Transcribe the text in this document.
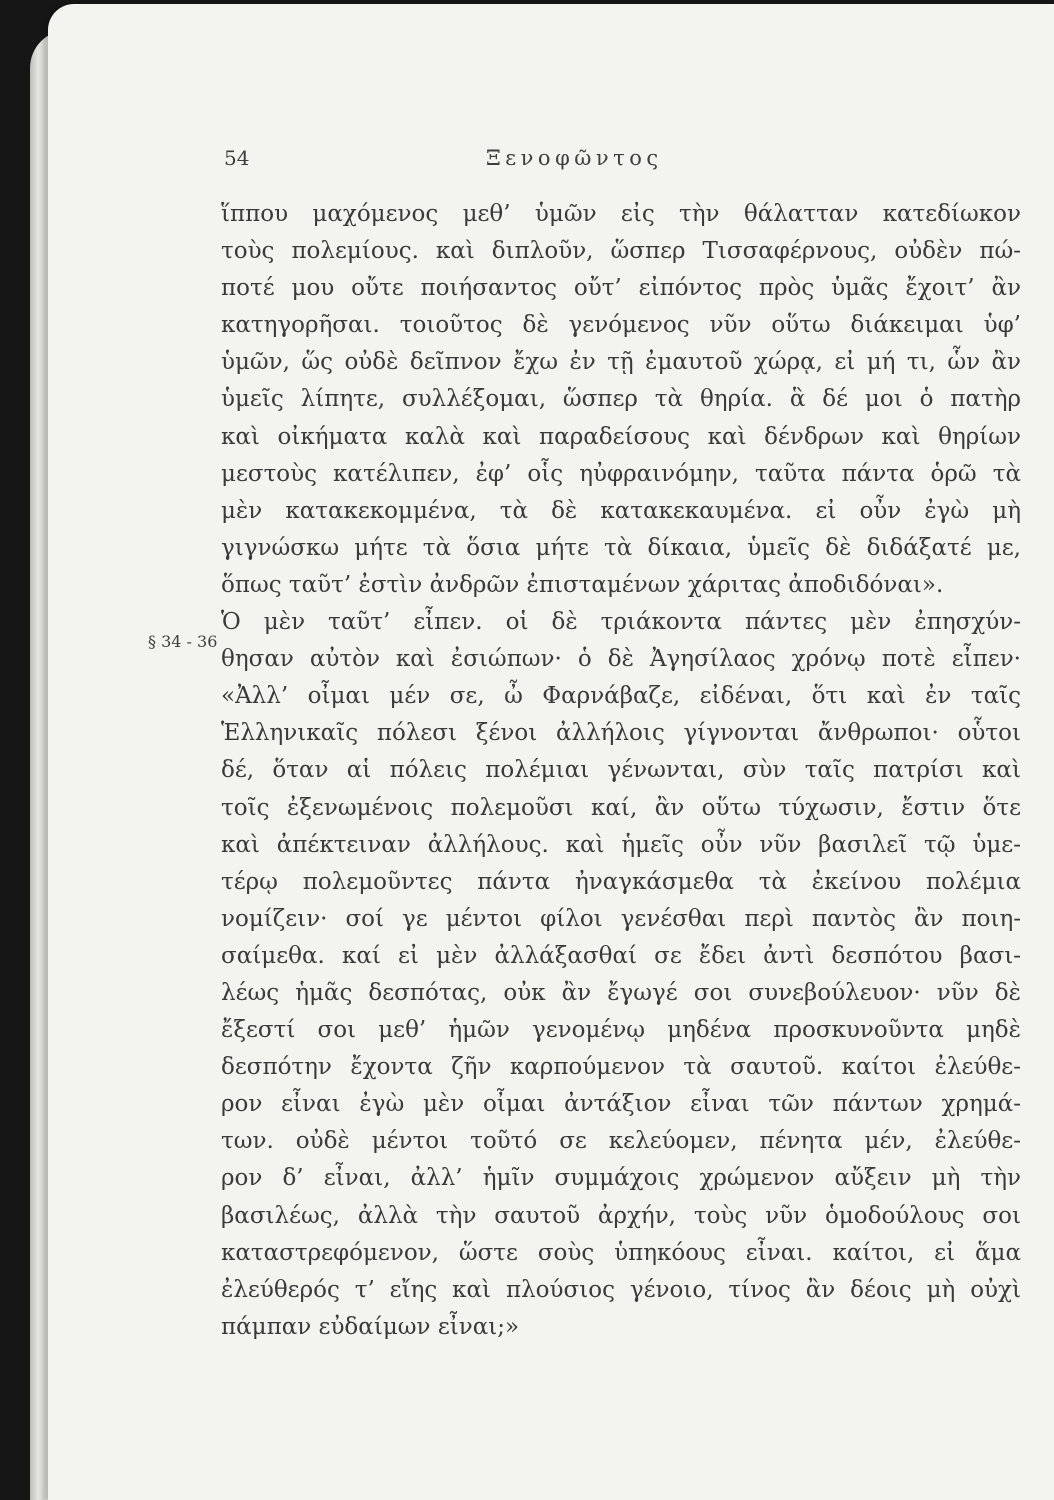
54	Ξενοφῶντος
§ 34 - 36
ἵππου μαχόμενος μεθ’ ὑμῶν εἰς τὴν θάλατταν κατεδίωκον
τοὺς πολεμίους. καὶ διπλοῦν, ὥσπερ Τισσαφέρνους, οὐδὲν πώ-
ποτέ μου οὔτε ποιήσαντος οὔτ’ εἰπόντος πρὸς ὑμᾶς ἔχοιτ’ ἂν
κατηγορῆσαι. τοιοῦτος δὲ γενόμενος νῦν οὕτω διάκειμαι ὑφ’
ὑμῶν, ὥς οὐδὲ δεῖπνον ἔχω ἐν τῇ ἐμαυτοῦ χώρᾳ, εἰ μή τι, ὧν ἂν
ὑμεῖς λίπητε, συλλέξομαι, ὥσπερ τὰ θηρία. ἃ δέ μοι ὁ πατὴρ
καὶ οἰκήματα καλὰ καὶ παραδείσους καὶ δένδρων καὶ θηρίων
μεστοὺς κατέλιπεν, ἐφ’ οἷς ηὐφραινόμην, ταῦτα πάντα ὁρῶ τὰ
μὲν κατακεκομμένα, τὰ δὲ κατακεκαυμένα. εἰ οὖν ἐγὼ μὴ
γιγνώσκω μήτε τὰ ὅσια μήτε τὰ δίκαια, ὑμεῖς δὲ διδάξατέ με,
ὅπως ταῦτ’ ἐστὶν ἀνδρῶν ἐπισταμένων χάριτας ἀποδιδόναι».
Ὁ μὲν ταῦτ’ εἶπεν. οἱ δὲ τριάκοντα πάντες μὲν ἐπησχύν-
θησαν αὐτὸν καὶ ἐσιώπων· ὁ δὲ Ἀγησίλαος χρόνῳ ποτὲ εἶπεν·
«Ἀλλ’ οἶμαι μέν σε, ὦ Φαρνάβαζε, εἰδέναι, ὅτι καὶ ἐν ταῖς
Ἑλληνικαῖς πόλεσι ξένοι ἀλλήλοις γίγνονται ἄνθρωποι· οὗτοι
δέ, ὅταν αἱ πόλεις πολέμιαι γένωνται, σὺν ταῖς πατρίσι καὶ
τοῖς ἐξενωμένοις πολεμοῦσι καί, ἂν οὕτω τύχωσιν, ἔστιν ὅτε
καὶ ἀπέκτειναν ἀλλήλους. καὶ ἡμεῖς οὖν νῦν βασιλεῖ τῷ ὑμε-
τέρῳ πολεμοῦντες πάντα ἠναγκάσμεθα τὰ ἐκείνου πολέμια
νομίζειν· σοί γε μέντοι φίλοι γενέσθαι περὶ παντὸς ἂν ποιη-
σαίμεθα. καί εἰ μὲν ἀλλάξασθαί σε ἔδει ἀντὶ δεσπότου βασι-
λέως ἡμᾶς δεσπότας, οὐκ ἂν ἔγωγέ σοι συνεβούλευον· νῦν δὲ
ἔξεστί σοι μεθ’ ἡμῶν γενομένῳ μηδένα προσκυνοῦντα μηδὲ
δεσπότην ἔχοντα ζῆν καρπούμενον τὰ σαυτοῦ. καίτοι ἐλεύθε-
ρον εἶναι ἐγὼ μὲν οἶμαι ἀντάξιον εἶναι τῶν πάντων χρημά-
των. οὐδὲ μέντοι τοῦτό σε κελεύομεν, πένητα μέν, ἐλεύθε-
ρον δ’ εἶναι, ἀλλ’ ἡμῖν συμμάχοις χρώμενον αὔξειν μὴ τὴν
βασιλέως, ἀλλὰ τὴν σαυτοῦ ἀρχήν, τοὺς νῦν ὁμοδούλους σοι
καταστρεφόμενον, ὥστε σοὺς ὑπηκόους εἶναι. καίτοι, εἰ ἅμα
ἐλεύθερός τ’ εἴης καὶ πλούσιος γένοιο, τίνος ἂν δέοις μὴ οὐχὶ
πάμπαν εὐδαίμων εἶναι;»
